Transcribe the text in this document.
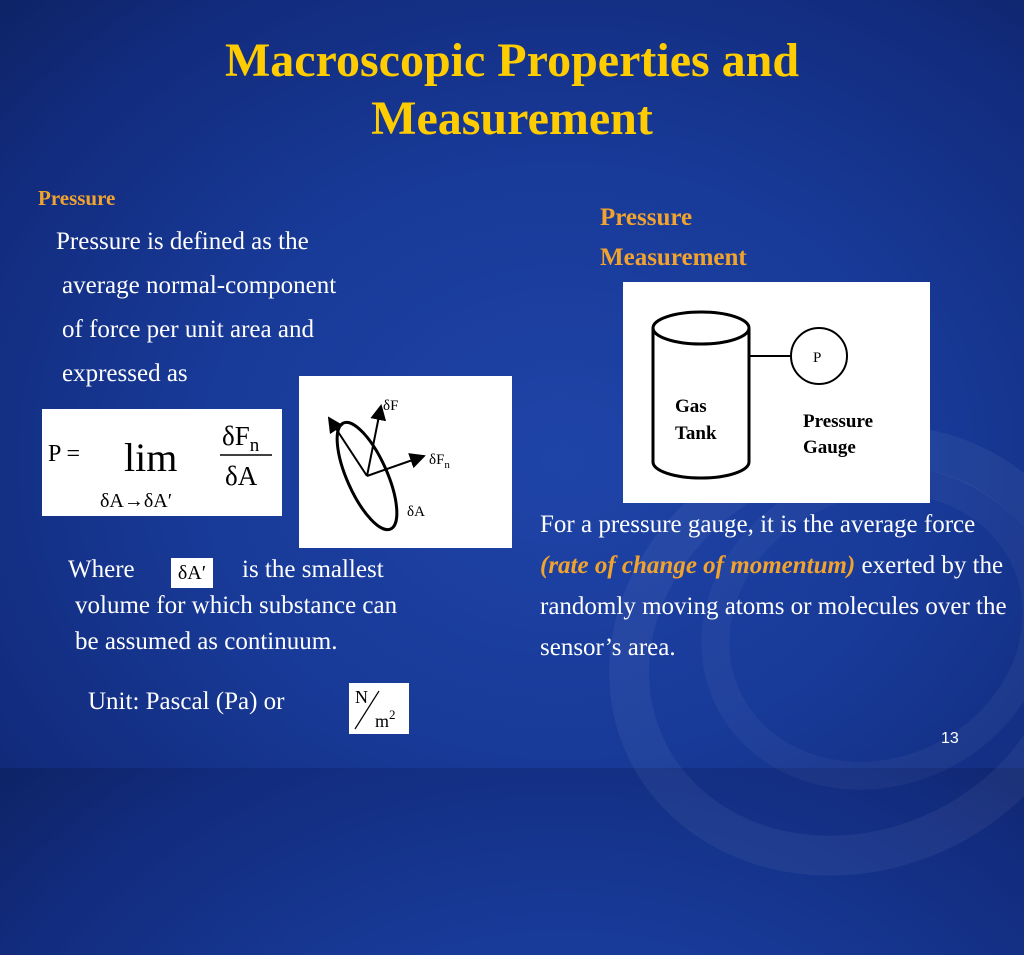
Macroscopic Properties and
Measurement
Pressure
Pressure is defined as the
average normal-component
of force per unit area and
expressed as
P = lim
δA→δA′
$\delta F_n$
δA
δF
$\delta F_n$
δA
Where	δA′ is the smallest
volume for which substance can
be assumed as continuum.
Unit: Pascal (Pa) or	N
$m^2$
Pressure
Measurement
P
Gas
Tank
Pressure
Gauge
For a pressure gauge, it is the average force (rate of change of momentum) exerted by the randomly moving atoms or molecules over the sensor’s area.
13
